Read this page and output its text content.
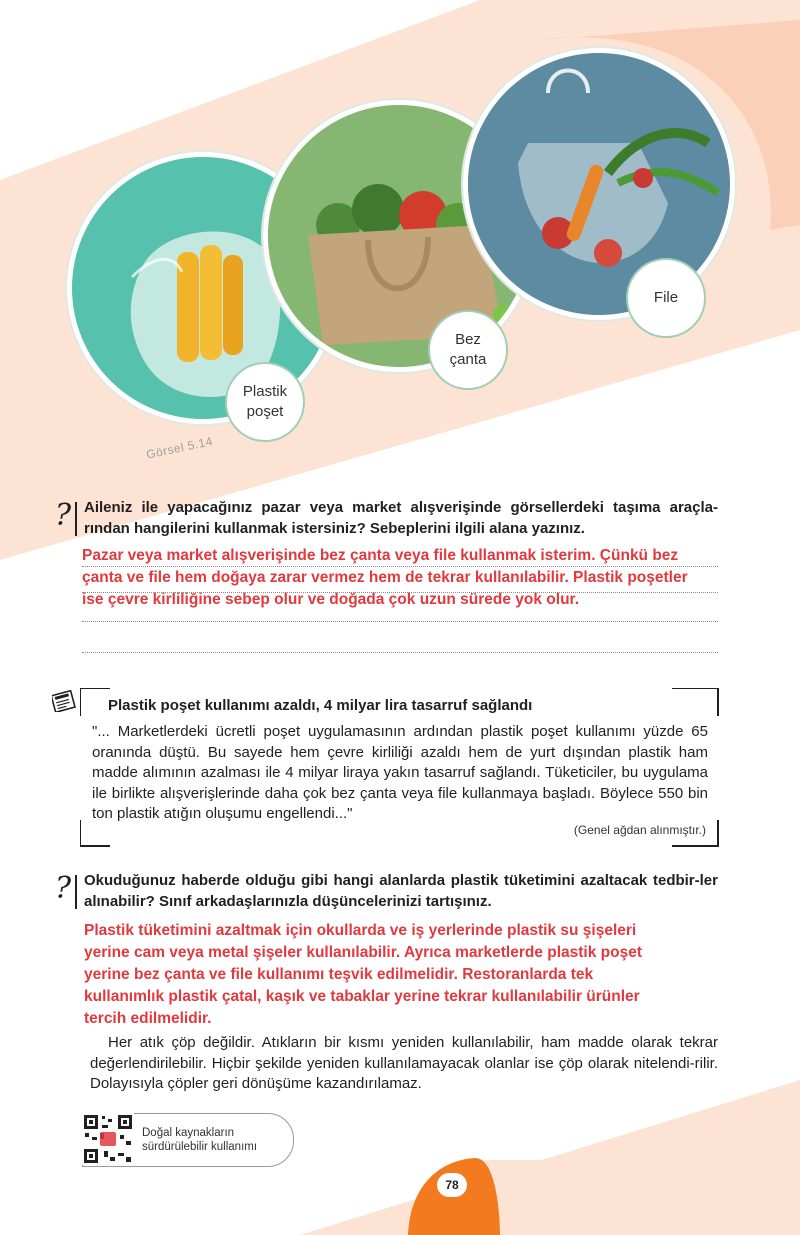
Plastik
poşet
Bez
çanta
File
Görsel 5.14
? Aileniz ile yapacağınız pazar veya market alışverişinde görsellerdeki taşıma araçla-rından hangilerini kullanmak istersiniz? Sebeplerini ilgili alana yazınız.
Pazar veya market alışverişinde bez çanta veya file kullanmak isterim. Çünkü bez
çanta ve file hem doğaya zarar vermez hem de tekrar kullanılabilir. Plastik poşetler
ise çevre kirliliğine sebep olur ve doğada çok uzun sürede yok olur.
Plastik poşet kullanımı azaldı, 4 milyar lira tasarruf sağlandı
"... Marketlerdeki ücretli poşet uygulamasının ardından plastik poşet kullanımı yüzde 65 oranında düştü. Bu sayede hem çevre kirliliği azaldı hem de yurt dışından plastik ham madde alımının azalması ile 4 milyar liraya yakın tasarruf sağlandı. Tüketiciler, bu uygulama ile birlikte alışverişlerinde daha çok bez çanta veya file kullanmaya başladı. Böylece 550 bin ton plastik atığın oluşumu engellendi..."
(Genel ağdan alınmıştır.)
? Okuduğunuz haberde olduğu gibi hangi alanlarda plastik tüketimini azaltacak tedbir-ler alınabilir? Sınıf arkadaşlarınızla düşüncelerinizi tartışınız.
Plastik tüketimini azaltmak için okullarda ve iş yerlerinde plastik su şişeleri
yerine cam veya metal şişeler kullanılabilir. Ayrıca marketlerde plastik poşet
yerine bez çanta ve file kullanımı teşvik edilmelidir. Restoranlarda tek
kullanımlık plastik çatal, kaşık ve tabaklar yerine tekrar kullanılabilir ürünler
tercih edilmelidir.
Her atık çöp değildir. Atıkların bir kısmı yeniden kullanılabilir, ham madde olarak tekrar değerlendirilebilir. Hiçbir şekilde yeniden kullanılamayacak olanlar ise çöp olarak nitelendi-rilir. Dolayısıyla çöpler geri dönüşüme kazandırılamaz.
Doğal kaynakların
sürdürülebilir kullanımı
78
